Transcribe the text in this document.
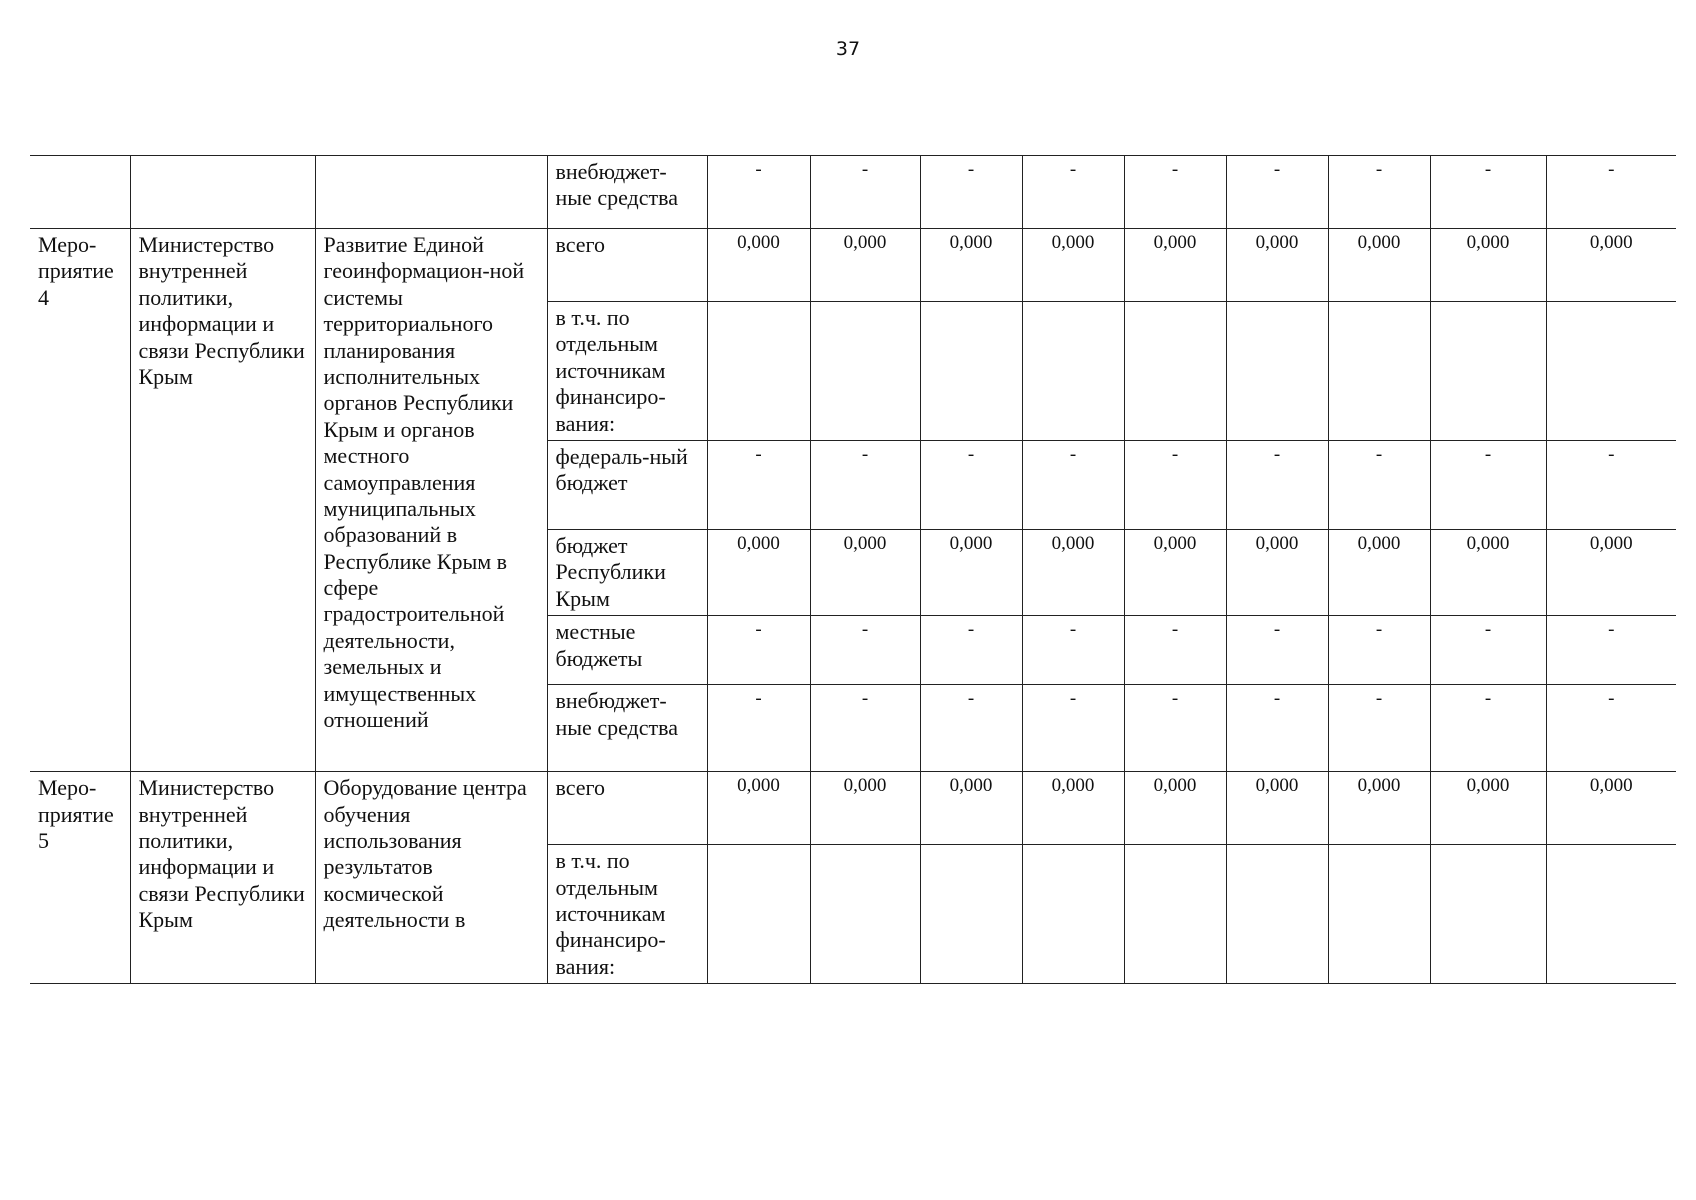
37
			внебюджет-ные средства	-	-	-	-	-	-	-	-	-
Меро-приятие 4	Министерство внутренней политики, информации и связи Республики Крым	Развитие Единой геоинформацион-ной системы территориального планирования исполнительных органов Республики Крым и органов местного самоуправления муниципальных образований в Республике Крым в сфере градостроительной деятельности, земельных и имущественных отношений	всего	0,000	0,000	0,000	0,000	0,000	0,000	0,000	0,000	0,000
			в т.ч. по отдельным источникам финансиро-вания:									
			федераль-ный бюджет	-	-	-	-	-	-	-	-	-
			бюджет Республики Крым	0,000	0,000	0,000	0,000	0,000	0,000	0,000	0,000	0,000
			местные бюджеты	-	-	-	-	-	-	-	-	-
			внебюджет-ные средства	-	-	-	-	-	-	-	-	-
Меро-приятие 5	Министерство внутренней политики, информации и связи Республики Крым	Оборудование центра обучения использования результатов космической деятельности в	всего	0,000	0,000	0,000	0,000	0,000	0,000	0,000	0,000	0,000
			в т.ч. по отдельным источникам финансиро-вания:									
